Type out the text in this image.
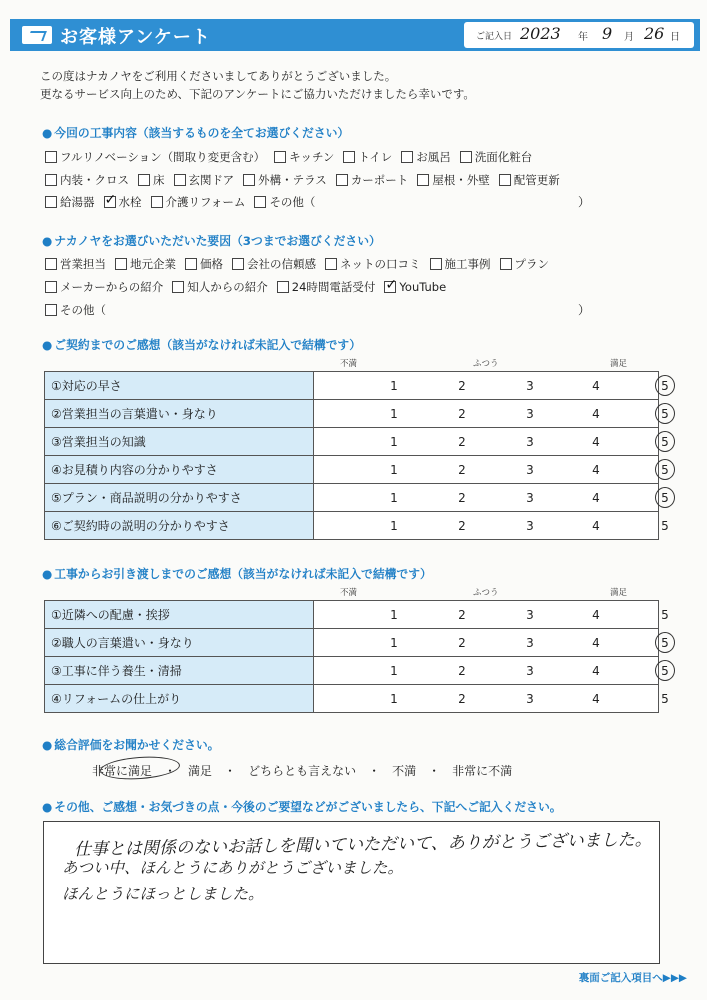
お客様アンケート	ご記入日 2023 年 9 月 26 日
この度はナカノヤをご利用くださいましてありがとうございました。
更なるサービス向上のため、下記のアンケートにご協力いただけましたら幸いです。
● 今回の工事内容（該当するものを全てお選びください）
フルリノベーション（間取り変更含む） キッチン トイレ お風呂 洗面化粧台
内装・クロス 床 玄関ドア 外構・テラス カーポート 屋根・外壁 配管更新
給湯器 ✓ 水栓 介護リフォーム その他（	）
● ナカノヤをお選びいただいた要因（3つまでお選びください）
営業担当 地元企業 価格 会社の信頼感 ネットの口コミ 施工事例 プラン
メーカーからの紹介 知人からの紹介 24時間電話受付 ✓ YouTube
その他（	）
● ご契約までのご感想（該当がなければ未記入で結構です）
不満	ふつう	満足
①対応の早さ	1 2 3 4 5

②営業担当の言葉遣い・身なり	1 2 3 4 5

③営業担当の知識	1 2 3 4 5

④お見積り内容の分かりやすさ	1 2 3 4 5

⑤プラン・商品説明の分かりやすさ	1 2 3 4 5

⑥ご契約時の説明の分かりやすさ	1 2 3 4 5
● 工事からお引き渡しまでのご感想（該当がなければ未記入で結構です）
不満	ふつう	満足
①近隣への配慮・挨拶	1 2 3 4 5

②職人の言葉遣い・身なり	1 2 3 4 5

③工事に伴う養生・清掃	1 2 3 4 5

④リフォームの仕上がり	1 2 3 4 5
● 総合評価をお聞かせください。
非常に満足 ・ 満足 ・ どちらとも言えない ・ 不満 ・ 非常に不満
● その他、ご感想・お気づきの点・今後のご要望などがございましたら、下記へご記入ください。
仕事とは関係のないお話しを聞いていただいて、ありがとうございました。
あつい中、ほんとうにありがとうございました。
ほんとうにほっとしました。
裏面ご記入項目へ▶▶▶
